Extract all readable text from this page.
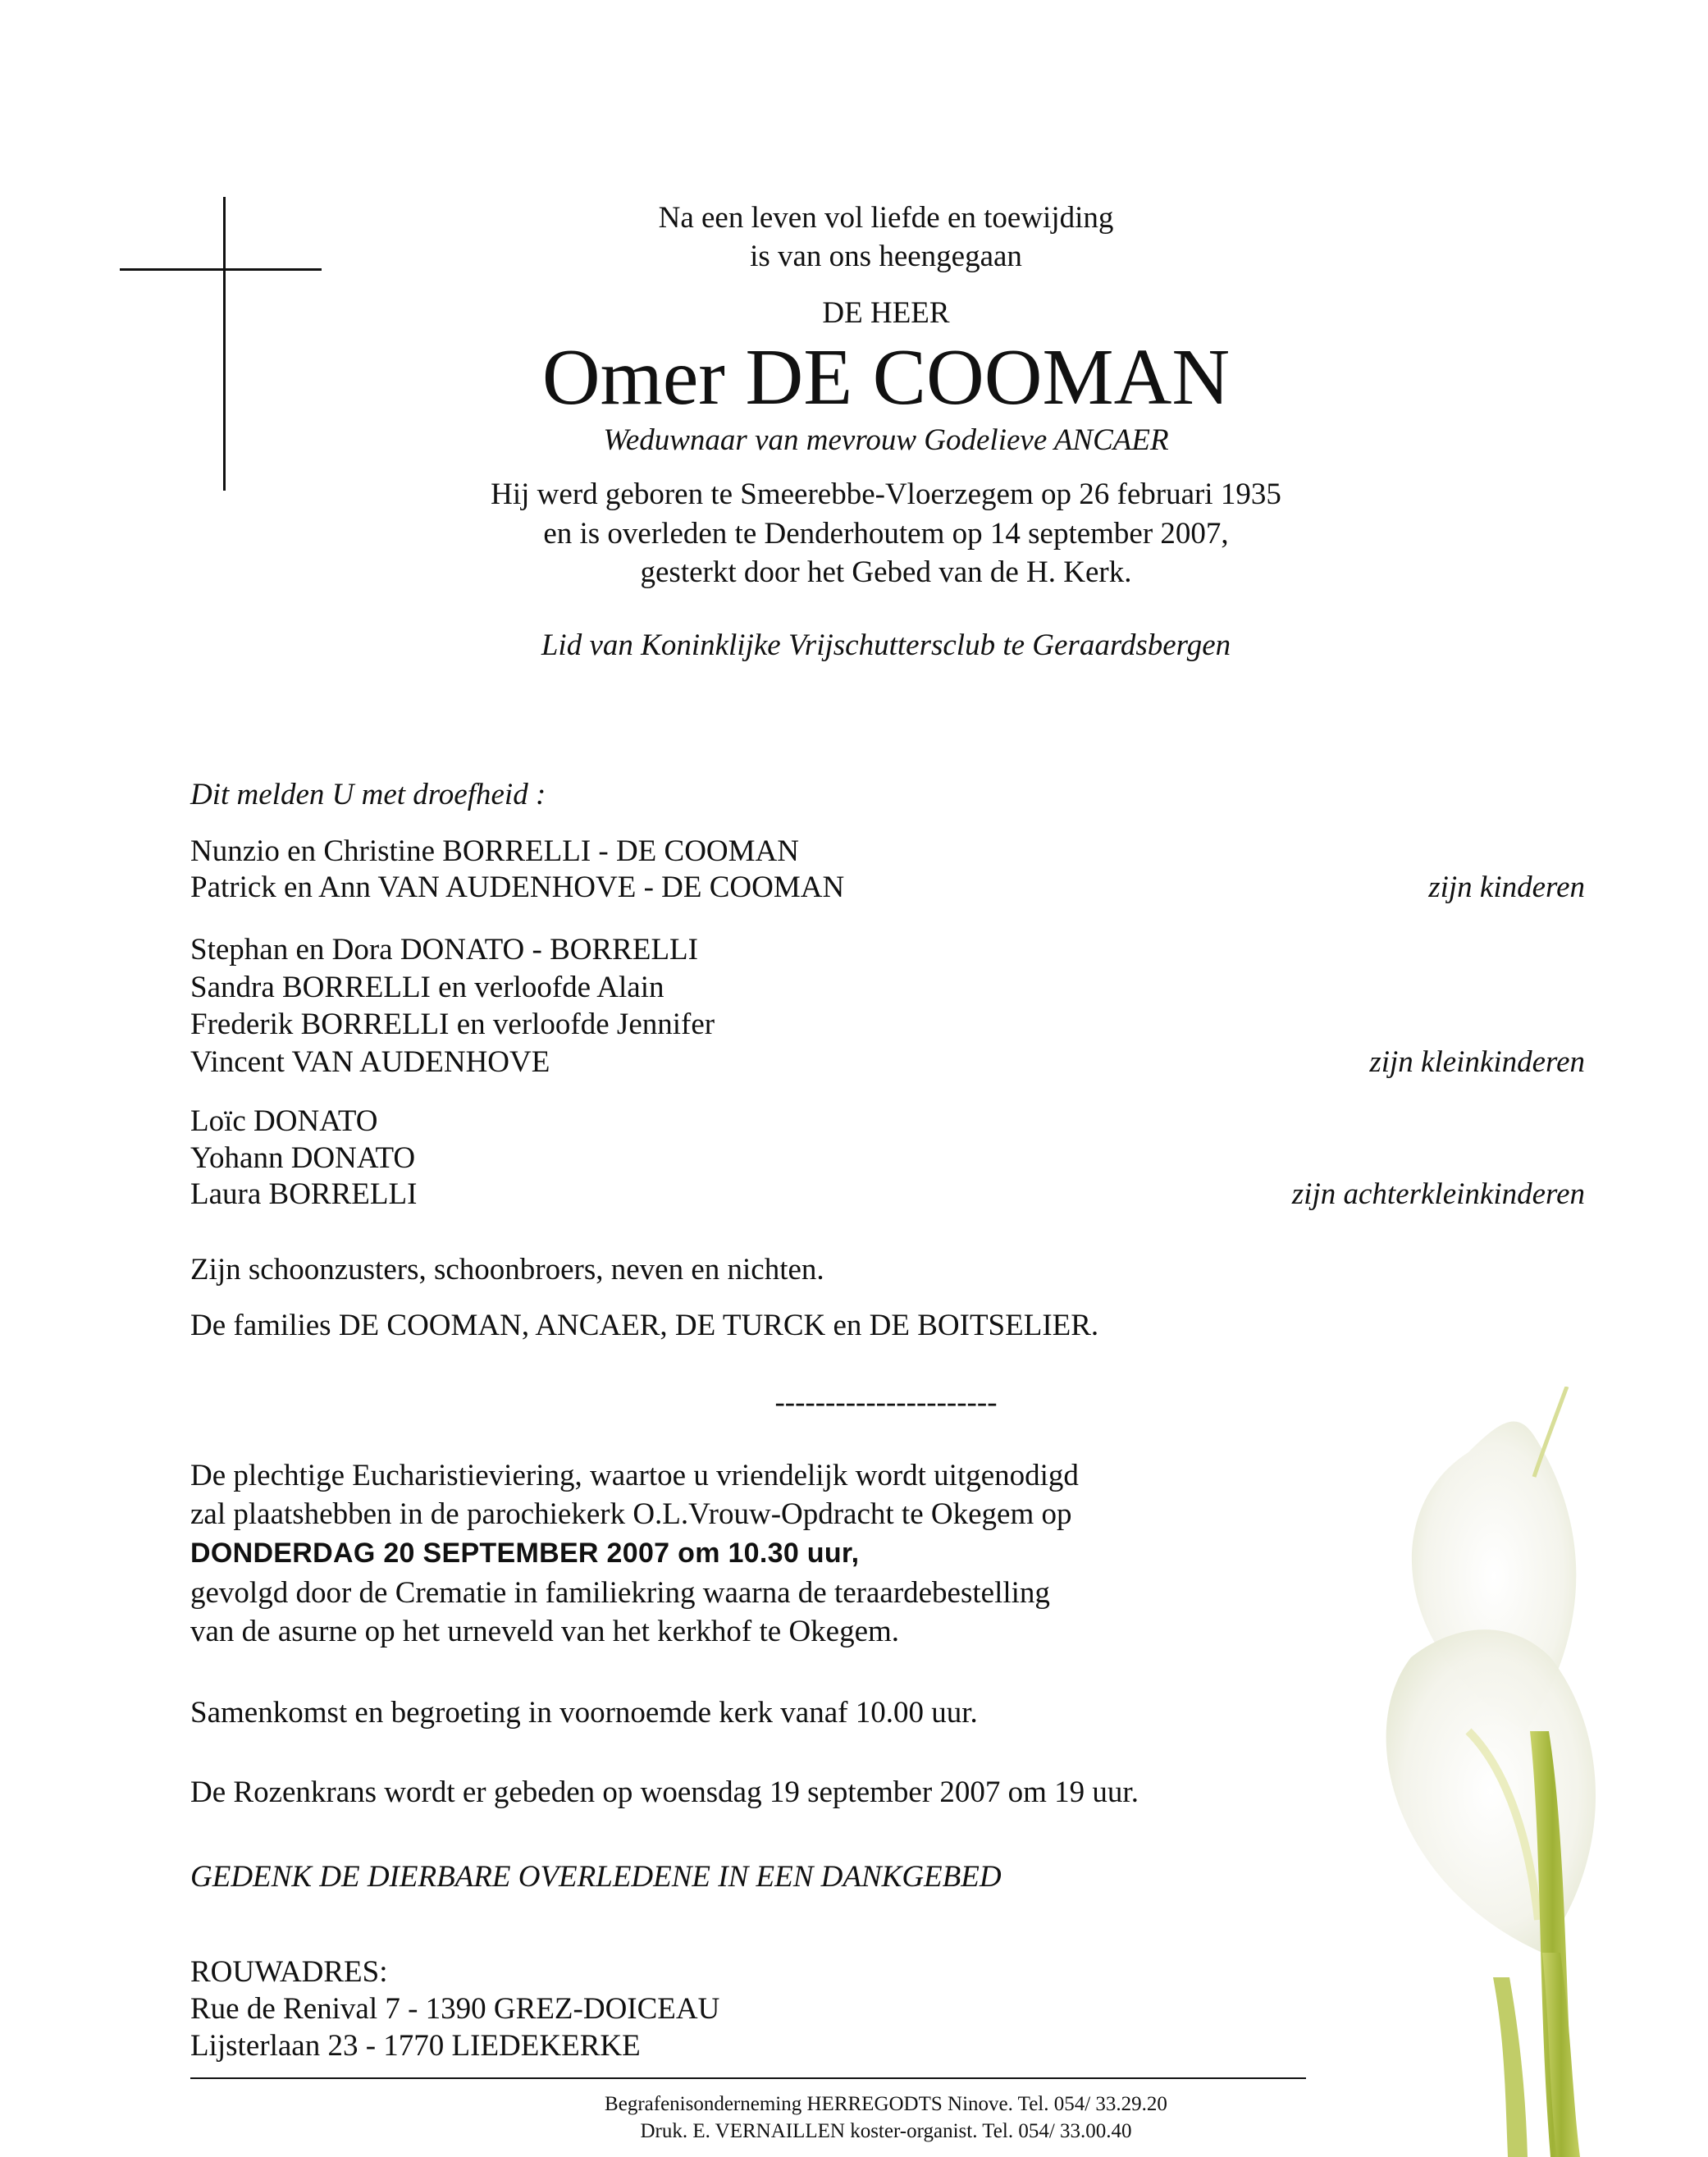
Na een leven vol liefde en toewijding
is van ons heengegaan
DE HEER
Omer DE COOMAN
Weduwnaar van mevrouw Godelieve ANCAER
Hij werd geboren te Smeerebbe-Vloerzegem op 26 februari 1935
en is overleden te Denderhoutem op 14 september 2007,
gesterkt door het Gebed van de H. Kerk.
Lid van Koninklijke Vrijschuttersclub te Geraardsbergen
Dit melden U met droefheid :
Nunzio en Christine BORRELLI - DE COOMAN
Patrick en Ann VAN AUDENHOVE - DE COOMAN	zijn kinderen
Stephan en Dora DONATO - BORRELLI
Sandra BORRELLI en verloofde Alain
Frederik BORRELLI en verloofde Jennifer
Vincent VAN AUDENHOVE	zijn kleinkinderen
Loïc DONATO
Yohann DONATO
Laura BORRELLI	zijn achterkleinkinderen
Zijn schoonzusters, schoonbroers, neven en nichten.
De families DE COOMAN, ANCAER, DE TURCK en DE BOITSELIER.
----------------------
De plechtige Eucharistieviering, waartoe u vriendelijk wordt uitgenodigd
zal plaatshebben in de parochiekerk O.L.Vrouw-Opdracht te Okegem op
DONDERDAG 20 SEPTEMBER 2007 om 10.30 uur,
gevolgd door de Crematie in familiekring waarna de teraardebestelling
van de asurne op het urneveld van het kerkhof te Okegem.
Samenkomst en begroeting in voornoemde kerk vanaf 10.00 uur.
De Rozenkrans wordt er gebeden op woensdag 19 september 2007 om 19 uur.
GEDENK DE DIERBARE OVERLEDENE IN EEN DANKGEBED
ROUWADRES:
Rue de Renival 7 - 1390 GREZ-DOICEAU
Lijsterlaan 23 - 1770 LIEDEKERKE
Begrafenisonderneming HERREGODTS Ninove. Tel. 054/ 33.29.20
Druk. E. VERNAILLEN koster-organist. Tel. 054/ 33.00.40
